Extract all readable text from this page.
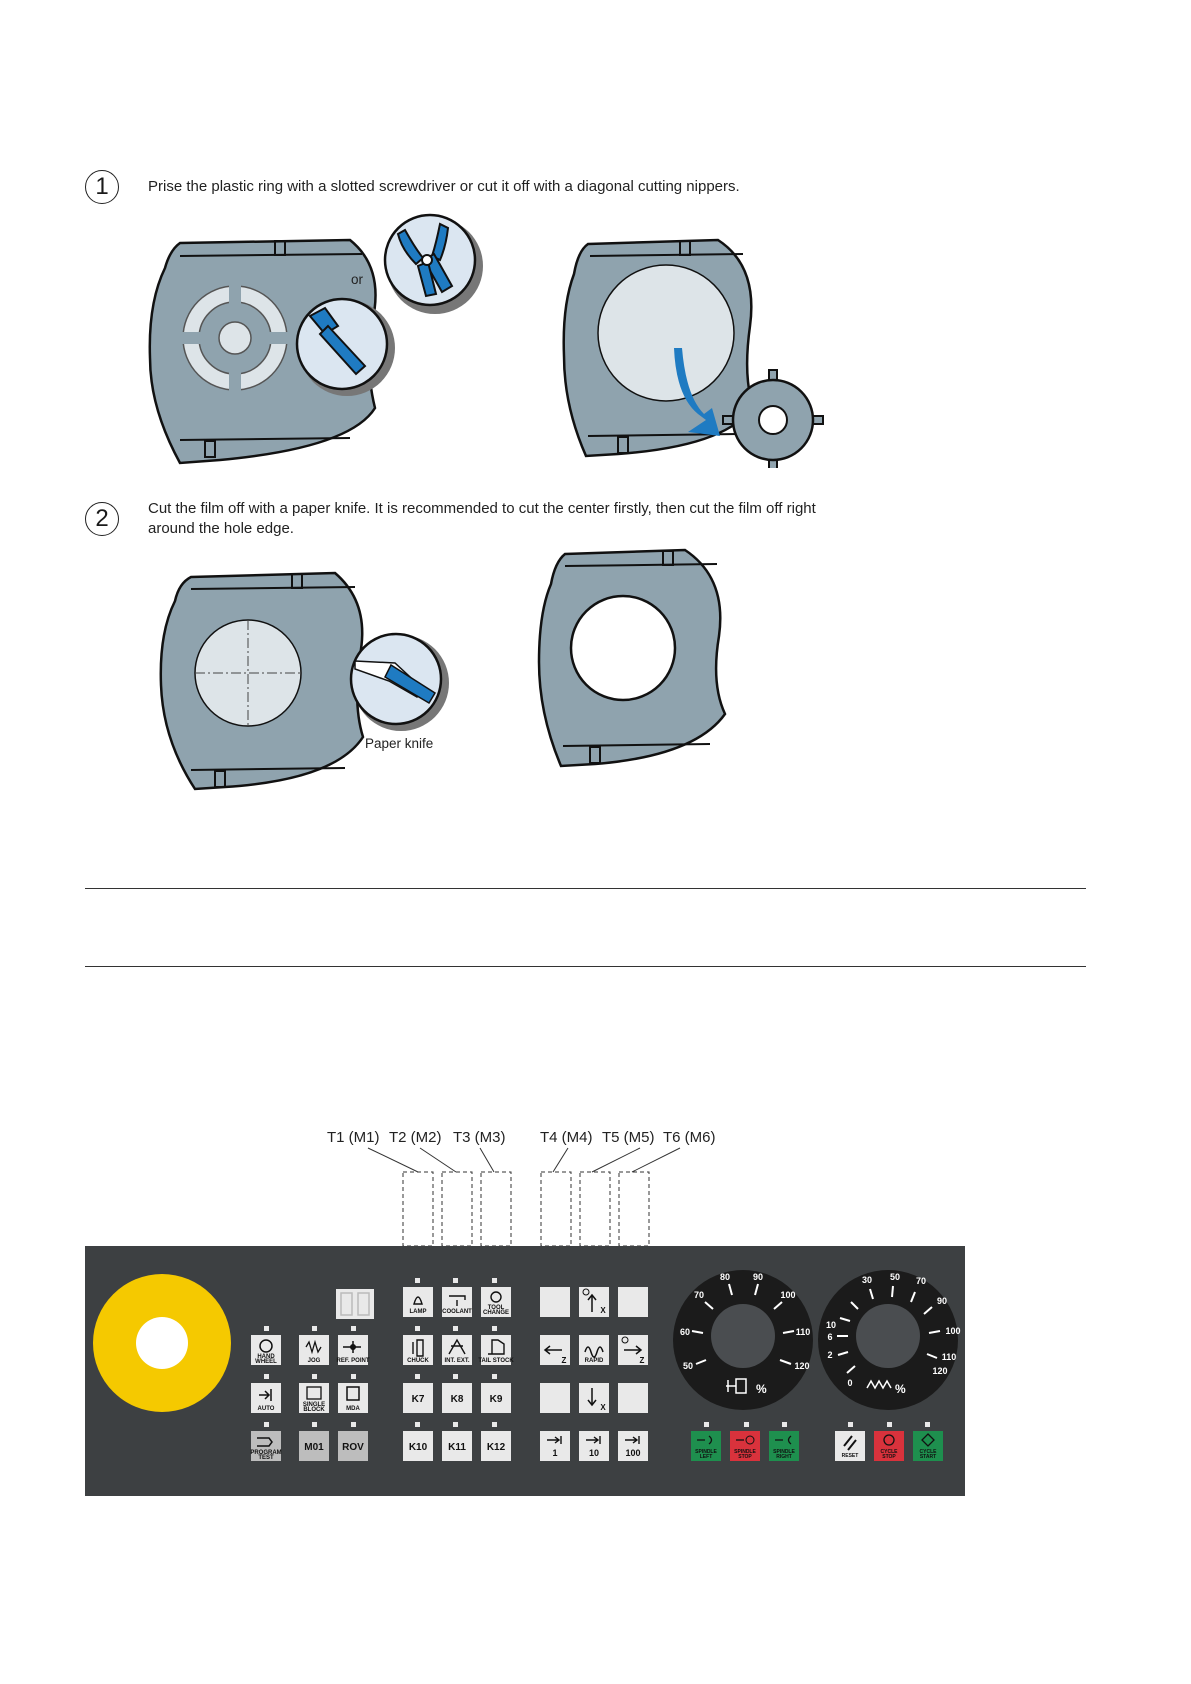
1	Prise the plastic ring with a slotted screwdriver or cut it off with a diagonal cutting nippers.
or
2	Cut the film off with a paper knife. It is recommended to cut the center firstly, then cut the film off right
around the hole edge.
Paper knife
T1 (M1) T2 (M2) T3 (M3) T4 (M4) T5 (M5) T6 (M6)
HAND
WHEEL	JOG	REF. POINT
AUTO
SINGLE
BLOCK	MDA
PROGRAM
TEST
M01 ROV
LAMP	COOLANT
TOOL
CHANGE
CHUCK	INT. EXT. TAIL STOCK
K7	K8	K9
K10 K11 K12
X
Z	RAPID	Z
X
1	10	100
50
60
70
80	90
100
110
120
%	0
2
6
10
30 50 70
90
100
110
120
%
SPINDLE
LEFT
SPINDLE
STOP
SPINDLE
RIGHT	RESET
CYCLE
STOP
CYCLE
START
